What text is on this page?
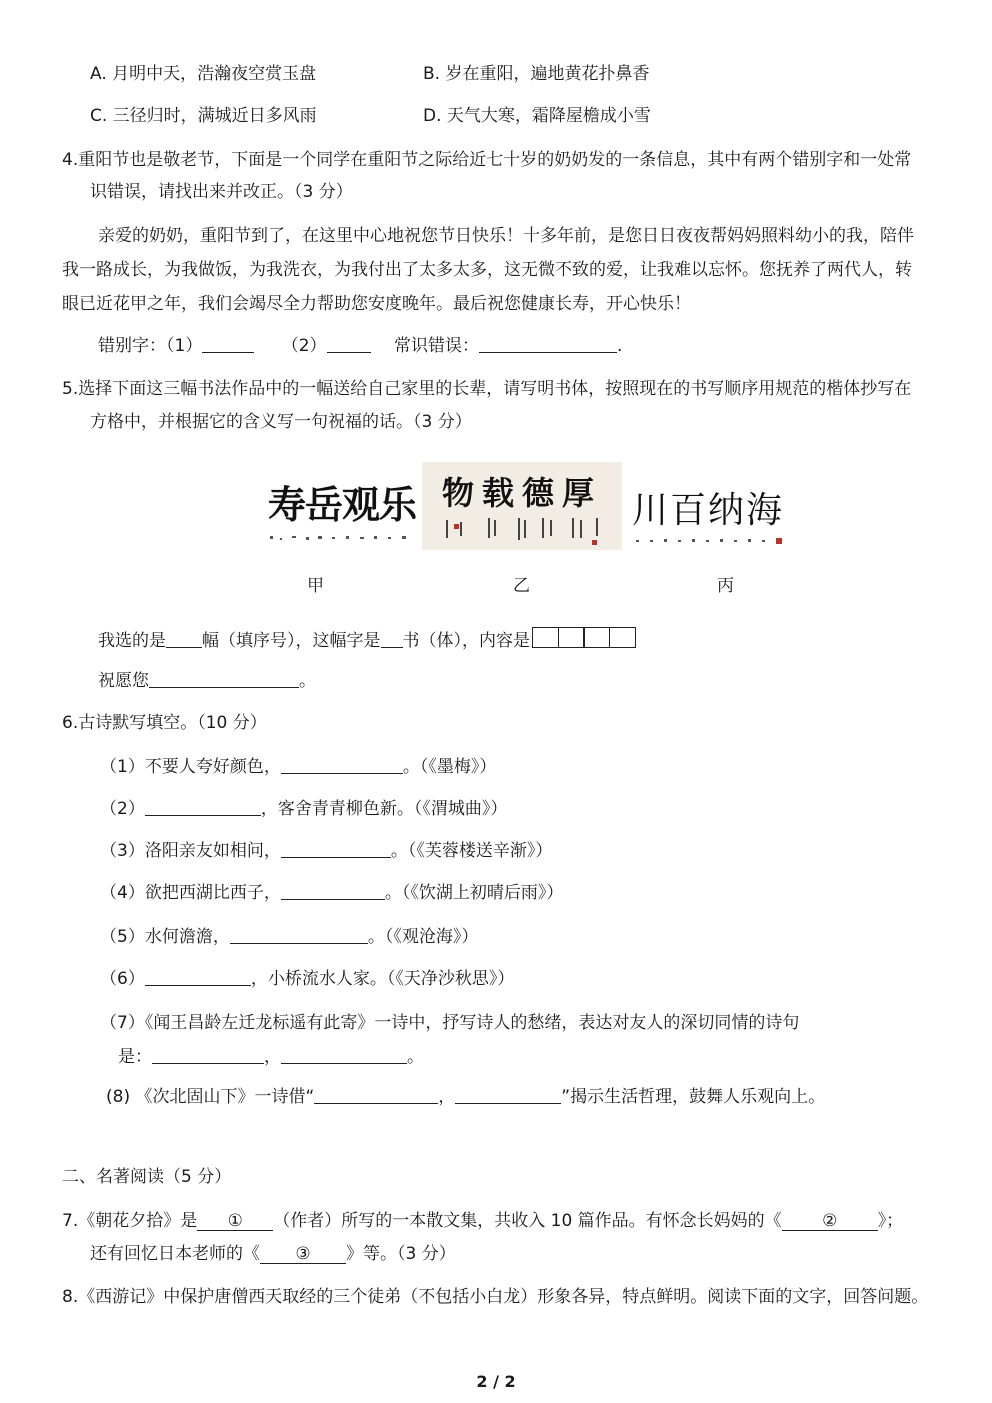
A. 月明中天，浩瀚夜空赏玉盘	B. 岁在重阳，遍地黄花扑鼻香
C. 三径归时，满城近日多风雨	D. 天气大寒，霜降屋檐成小雪
4.重阳节也是敬老节，下面是一个同学在重阳节之际给近七十岁的奶奶发的一条信息，其中有两个错别字和一处常
识错误，请找出来并改正。（3 分）
亲爱的奶奶，重阳节到了，在这里中心地祝您节日快乐！十多年前，是您日日夜夜帮妈妈照料幼小的我，陪伴
我一路成长，为我做饭，为我洗衣，为我付出了太多太多，这无微不致的爱，让我难以忘怀。您抚养了两代人，转
眼已近花甲之年，我们会竭尽全力帮助您安度晚年。最后祝您健康长寿，开心快乐！
错别字：（1）	（2）	常识错误：	.
5.选择下面这三幅书法作品中的一幅送给自己家里的长辈，请写明书体，按照现在的书写顺序用规范的楷体抄写在
方格中，并根据它的含义写一句祝福的话。（3 分）
寿岳观乐 物载德厚 川百纳海
甲	乙	丙
我选的是 幅（填序号），这幅字是 书（体），内容是
祝愿您	。
6.古诗默写填空。（10 分）
（1）不要人夸好颜色，	。（《墨梅》）
（2）	，客舍青青柳色新。（《渭城曲》）
（3）洛阳亲友如相问，	。（《芙蓉楼送辛渐》）
（4）欲把西湖比西子，	。（《饮湖上初晴后雨》）
（5）水何澹澹，	。（《观沧海》）
（6）	，小桥流水人家。（《天净沙秋思》）
（7）《闻王昌龄左迁龙标遥有此寄》一诗中，抒写诗人的愁绪，表达对友人的深切同情的诗句
是：	，	。
(8) 《次北固山下》一诗借“	，	”揭示生活哲理，鼓舞人乐观向上。
二、名著阅读（5 分）
7.《朝花夕拾》是 ① （作者）所写的一本散文集，共收入 10 篇作品。有怀念长妈妈的《 ② 》；
还有回忆日本老师的《 ③ 》等。（3 分）
8.《西游记》中保护唐僧西天取经的三个徒弟（不包括小白龙）形象各异，特点鲜明。阅读下面的文字，回答问题。
2 / 2
